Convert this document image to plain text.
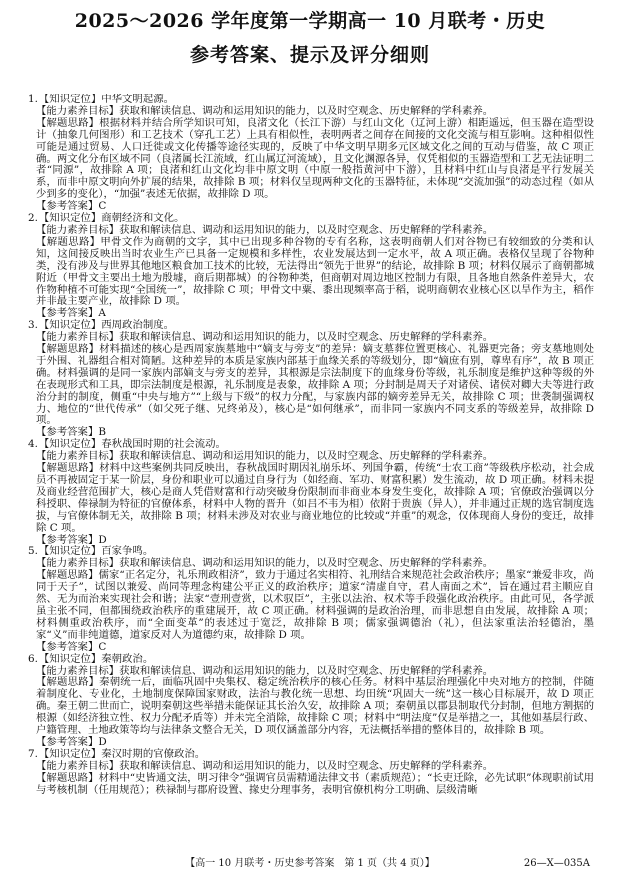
2025～2026 学年度第一学期高一 10 月联考・历史
参考答案、提示及评分细则
1. 【知识定位】中华文明起源。
【能力素养目标】获取和解读信息、调动和运用知识的能力，以及时空观念、历史解释的学科素养。
【解题思路】根据材料并结合所学知识可知，良渚文化（长江下游）与红山文化（辽河上游）相距遥远，但玉器在造型设计（抽象几何图形）和工艺技术（穿孔工艺）上具有相似性，表明两者之间存在间接的文化交流与相互影响。这种相似性可能是通过贸易、人口迁徙或文化传播等途径实现的，反映了中华文明早期多元区域文化之间的互动与借鉴，故 C 项正确。两文化分布区域不同（良渚属长江流域，红山属辽河流域），且文化渊源各异，仅凭相似的玉器造型和工艺无法证明二者“同源”，故排除 A 项；良渚和红山文化均非中原文明（中原一般指黄河中下游），且材料中红山与良渚是平行发展关系，而非中原文明向外扩展的结果，故排除 B 项；材料仅呈现两种文化的玉器特征，未体现“交流加强”的动态过程（如从少到多的变化），“加强”表述无依据，故排除 D 项。
【参考答案】C
2. 【知识定位】商朝经济和文化。
【能力素养目标】获取和解读信息、调动和运用知识的能力，以及时空观念、历史解释的学科素养。
【解题思路】甲骨文作为商朝的文字，其中已出现多种谷物的专有名称，这表明商朝人们对谷物已有较细致的分类和认知，这间接反映出当时农业生产已具备一定规模和多样性，农业发展达到一定水平，故 A 项正确。表格仅呈现了谷物种类，没有涉及与世界其他地区粮食加工技术的比较，无法得出“领先于世界”的结论，故排除 B 项；材料仅展示了商朝都城附近（甲骨文主要出土地为殷墟，商后期都城）的谷物种类，但商朝对周边地区控制力有限，且各地自然条件差异大，农作物种植不可能实现“全国统一”，故排除 C 项；甲骨文中粟、黍出现频率高于稻，说明商朝农业核心区以旱作为主，稻作并非最主要产业，故排除 D 项。
【参考答案】A
3. 【知识定位】西周政治制度。
【能力素养目标】获取和解读信息、调动和运用知识的能力，以及时空观念、历史解释的学科素养。
【解题思路】材料描述的核心是西周家族墓地中“嫡支与旁支”的差异：嫡支墓葬位置更核心、礼器更完备；旁支墓地则处于外围、礼器组合相对简陋。这种差异的本质是家族内部基于血缘关系的等级划分，即“嫡庶有别，尊卑有序”，故 B 项正确。材料强调的是同一家族内部嫡支与旁支的差异，其根源是宗法制度下的血缘身份等级，礼乐制度是维护这种等级的外在表现形式和工具，即宗法制度是根源，礼乐制度是表象，故排除 A 项；分封制是周天子对诸侯、诸侯对卿大夫等进行政治分封的制度，侧重“中央与地方”“上级与下级”的权力分配，与家族内部的嫡旁差异无关，故排除 C 项；世袭制强调权力、地位的“世代传承”（如父死子继、兄终弟及），核心是“如何继承”，而非同一家族内不同支系的等级差异，故排除 D 项。
【参考答案】B
4. 【知识定位】春秋战国时期的社会流动。
【能力素养目标】获取和解读信息、调动和运用知识的能力，以及时空观念、历史解释的学科素养。
【解题思路】材料中这些案例共同反映出，春秋战国时期因礼崩乐坏、列国争霸，传统“士农工商”等级秩序松动，社会成员不再被固定于某一阶层，身份和职业可以通过自身行为（如经商、军功、财富积累）发生流动，故 D 项正确。材料未提及商业经营范围扩大，核心是商人凭借财富和行动突破身份限制而非商业本身发生变化，故排除 A 项；官僚政治强调以分科授职、俸禄制为特征的官僚体系，材料中人物的晋升（如吕不韦为相）依附于贵族（异人），并非通过正规的选官制度选拔，与官僚体制无关，故排除 B 项；材料未涉及对农业与商业地位的比较或“并重”的观念，仅体现商人身份的变迁，故排除 C 项。
【参考答案】D
5. 【知识定位】百家争鸣。
【能力素养目标】获取和解读信息、调动和运用知识的能力，以及时空观念、历史解释的学科素养。
【解题思路】儒家“正名定分，礼乐刑政相济”，致力于通过名实相符、礼刑结合来规范社会政治秩序；墨家“兼爱非攻，尚同于天子”，试图以兼爱、尚同等理念构建公平正义的政治秩序；道家“清虚自守，君人南面之术”，旨在通过君主顺应自然、无为而治来实现社会和谐；法家“壹刑壹赏，以术驭臣”，主张以法治、权术等手段强化政治秩序。由此可见，各学派虽主张不同，但都围绕政治秩序的重建展开，故 C 项正确。材料强调的是政治治理，而非思想自由发展，故排除 A 项；材料侧重政治秩序，而“全面变革”的表述过于宽泛，故排除 B 项；儒家强调德治（礼），但法家重法治轻德治，墨家“义”而非纯道德，道家反对人为道德约束，故排除 D 项。
【参考答案】C
6. 【知识定位】秦朝政治。
【能力素养目标】获取和解读信息、调动和运用知识的能力，以及时空观念、历史解释的学科素养。
【解题思路】秦朝统一后，面临巩固中央集权、稳定统治秩序的核心任务。材料中基层治理强化中央对地方的控制，伴随着制度化、专业化，土地制度保障国家财政，法治与教化统一思想、均田统“巩固大一统”这一核心目标展开，故 D 项正确。秦王朝二世而亡，说明秦朝这些举措未能保证其长治久安，故排除 A 项；秦朝虽以郡县制取代分封制，但地方割据的根源（如经济独立性、权力分配矛盾等）并未完全消除，故排除 C 项；材料中“明法度”仅是举措之一，其他如基层行政、户籍管理、土地政策等均与法律条文整合无关，D 项仅涵盖部分内容，无法概括举措的整体目的，故排除 B 项。
【参考答案】D
7. 【知识定位】秦汉时期的官僚政治。
【能力素养目标】获取和解读信息、调动和运用知识的能力，以及时空观念、历史解释的学科素养。
【解题思路】材料中“史皆通文法，明习律令”强调官员需精通法律文书（素质规范）；“长吏迁除，必先试职”体现职前试用与考核机制（任用规范）；秩禄制与郡府设置、掾史分理事务，表明官僚机构分工明确、层级清晰
【高一 10 月联考・历史参考答案　第 1 页（共 4 页）】	26—X—035A
